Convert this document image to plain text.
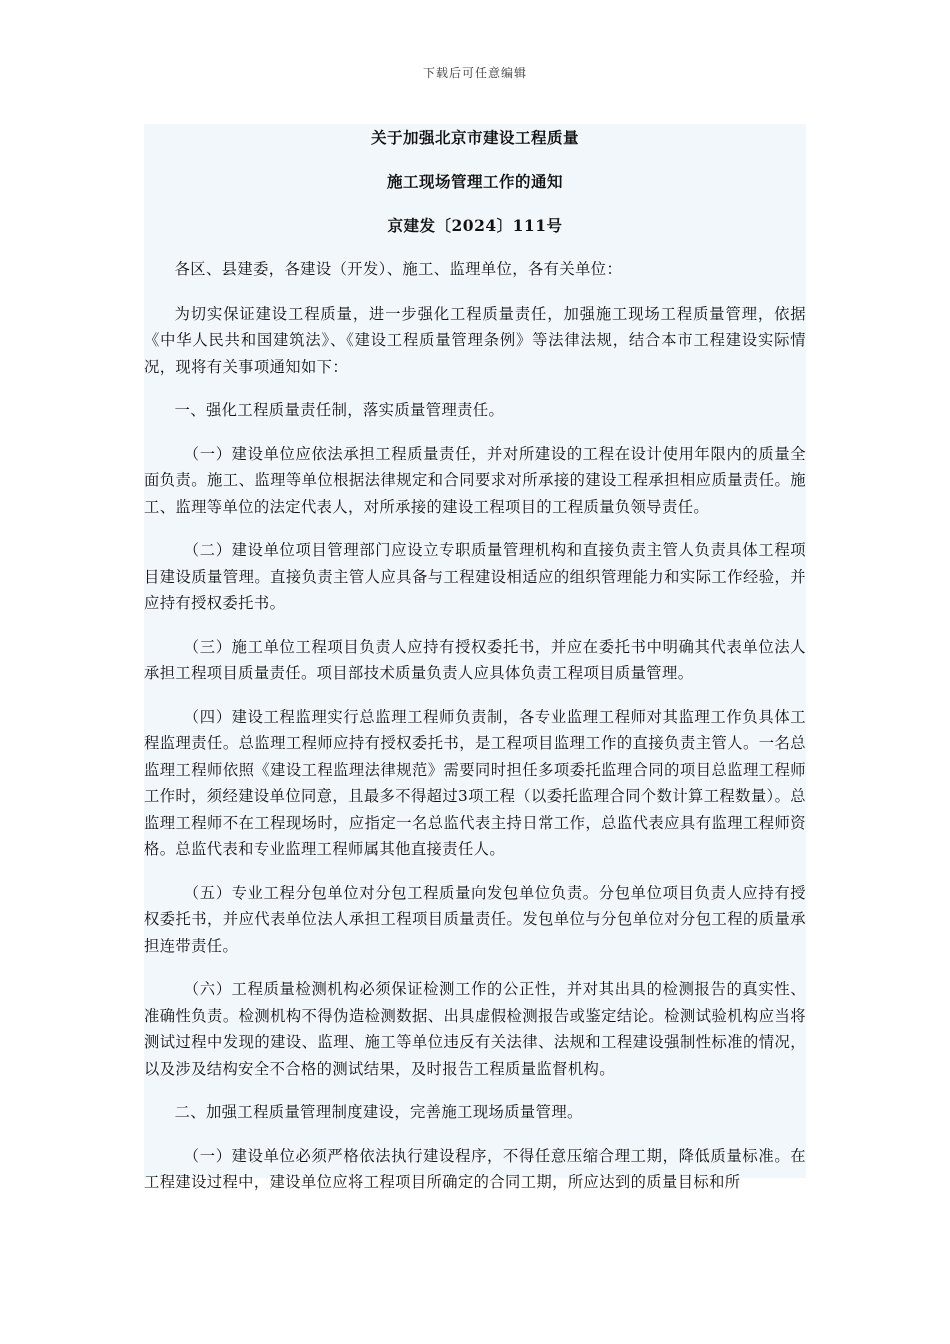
下载后可任意编辑

关于加强北京市建设工程质量

施工现场管理工作的通知

京建发〔2024〕111号

各区、县建委，各建设（开发）、施工、监理单位，各有关单位：

为切实保证建设工程质量，进一步强化工程质量责任，加强施工现场工程质量管理，依据《中华人民共和国建筑法》、《建设工程质量管理条例》等法律法规，结合本市工程建设实际情况，现将有关事项通知如下：

一、强化工程质量责任制，落实质量管理责任。

（一）建设单位应依法承担工程质量责任，并对所建设的工程在设计使用年限内的质量全面负责。施工、监理等单位根据法律规定和合同要求对所承接的建设工程承担相应质量责任。施工、监理等单位的法定代表人，对所承接的建设工程项目的工程质量负领导责任。

（二）建设单位项目管理部门应设立专职质量管理机构和直接负责主管人负责具体工程项目建设质量管理。直接负责主管人应具备与工程建设相适应的组织管理能力和实际工作经验，并应持有授权委托书。

（三）施工单位工程项目负责人应持有授权委托书，并应在委托书中明确其代表单位法人承担工程项目质量责任。项目部技术质量负责人应具体负责工程项目质量管理。

（四）建设工程监理实行总监理工程师负责制，各专业监理工程师对其监理工作负具体工程监理责任。总监理工程师应持有授权委托书，是工程项目监理工作的直接负责主管人。一名总监理工程师依照《建设工程监理法律规范》需要同时担任多项委托监理合同的项目总监理工程师工作时，须经建设单位同意，且最多不得超过3项工程（以委托监理合同个数计算工程数量）。总监理工程师不在工程现场时，应指定一名总监代表主持日常工作，总监代表应具有监理工程师资格。总监代表和专业监理工程师属其他直接责任人。

（五）专业工程分包单位对分包工程质量向发包单位负责。分包单位项目负责人应持有授权委托书，并应代表单位法人承担工程项目质量责任。发包单位与分包单位对分包工程的质量承担连带责任。

（六）工程质量检测机构必须保证检测工作的公正性，并对其出具的检测报告的真实性、准确性负责。检测机构不得伪造检测数据、出具虚假检测报告或鉴定结论。检测试验机构应当将测试过程中发现的建设、监理、施工等单位违反有关法律、法规和工程建设强制性标准的情况，以及涉及结构安全不合格的测试结果，及时报告工程质量监督机构。

二、加强工程质量管理制度建设，完善施工现场质量管理。

（一）建设单位必须严格依法执行建设程序，不得任意压缩合理工期，降低质量标准。在工程建设过程中，建设单位应将工程项目所确定的合同工期，所应达到的质量目标和所
